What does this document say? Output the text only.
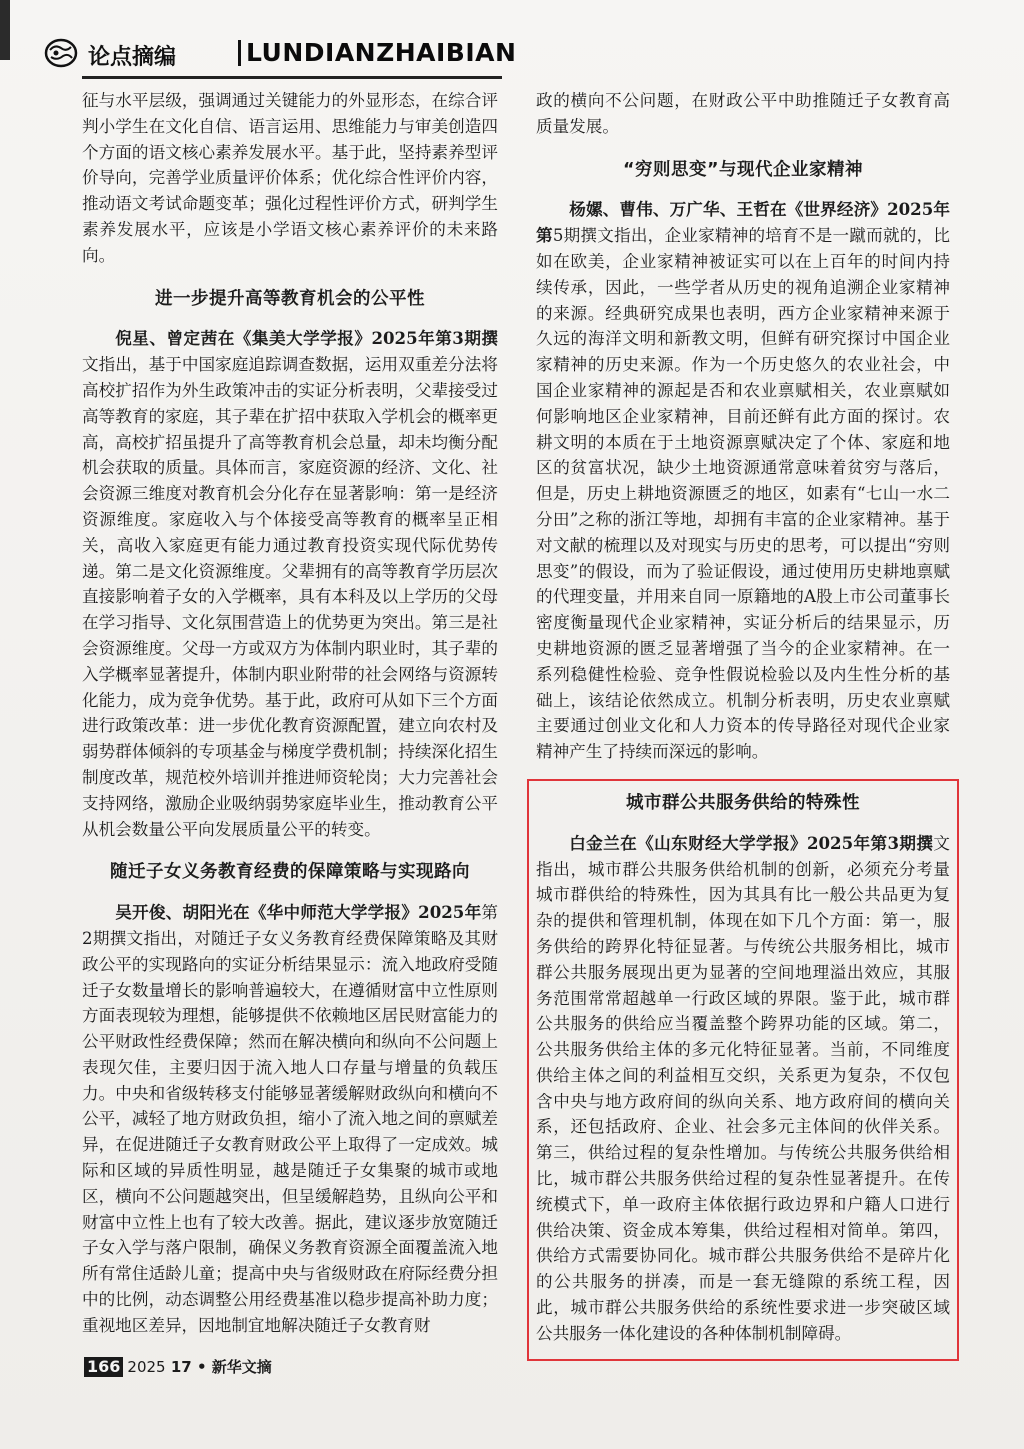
论点摘编	LUNDIANZHAIBIAN

征与水平层级，强调通过关键能力的外显形态，在综合评判小学生在文化自信、语言运用、思维能力与审美创造四个方面的语文核心素养发展水平。基于此，坚持素养型评价导向，完善学业质量评价体系；优化综合性评价内容，推动语文考试命题变革；强化过程性评价方式，研判学生素养发展水平，应该是小学语文核心素养评价的未来路向。

进一步提升高等教育机会的公平性

倪星、曾定茜在《集美大学学报》2025年第3期撰文指出，基于中国家庭追踪调查数据，运用双重差分法将高校扩招作为外生政策冲击的实证分析表明，父辈接受过高等教育的家庭，其子辈在扩招中获取入学机会的概率更高，高校扩招虽提升了高等教育机会总量，却未均衡分配机会获取的质量。具体而言，家庭资源的经济、文化、社会资源三维度对教育机会分化存在显著影响：第一是经济资源维度。家庭收入与个体接受高等教育的概率呈正相关，高收入家庭更有能力通过教育投资实现代际优势传递。第二是文化资源维度。父辈拥有的高等教育学历层次直接影响着子女的入学概率，具有本科及以上学历的父母在学习指导、文化氛围营造上的优势更为突出。第三是社会资源维度。父母一方或双方为体制内职业时，其子辈的入学概率显著提升，体制内职业附带的社会网络与资源转化能力，成为竞争优势。基于此，政府可从如下三个方面进行政策改革：进一步优化教育资源配置，建立向农村及弱势群体倾斜的专项基金与梯度学费机制；持续深化招生制度改革，规范校外培训并推进师资轮岗；大力完善社会支持网络，激励企业吸纳弱势家庭毕业生，推动教育公平从机会数量公平向发展质量公平的转变。

随迁子女义务教育经费的保障策略与实现路向

吴开俊、胡阳光在《华中师范大学学报》2025年第2期撰文指出，对随迁子女义务教育经费保障策略及其财政公平的实现路向的实证分析结果显示：流入地政府受随迁子女数量增长的影响普遍较大，在遵循财富中立性原则方面表现较为理想，能够提供不依赖地区居民财富能力的公平财政性经费保障；然而在解决横向和纵向不公问题上表现欠佳，主要归因于流入地人口存量与增量的负载压力。中央和省级转移支付能够显著缓解财政纵向和横向不公平，减轻了地方财政负担，缩小了流入地之间的禀赋差异，在促进随迁子女教育财政公平上取得了一定成效。城际和区域的异质性明显，越是随迁子女集聚的城市或地区，横向不公问题越突出，但呈缓解趋势，且纵向公平和财富中立性上也有了较大改善。据此，建议逐步放宽随迁子女入学与落户限制，确保义务教育资源全面覆盖流入地所有常住适龄儿童；提高中央与省级财政在府际经费分担中的比例，动态调整公用经费基准以稳步提高补助力度；重视地区差异，因地制宜地解决随迁子女教育财

政的横向不公问题，在财政公平中助推随迁子女教育高质量发展。

“穷则思变”与现代企业家精神

杨嫘、曹伟、万广华、王哲在《世界经济》2025年第5期撰文指出，企业家精神的培育不是一蹴而就的，比如在欧美，企业家精神被证实可以在上百年的时间内持续传承，因此，一些学者从历史的视角追溯企业家精神的来源。经典研究成果也表明，西方企业家精神来源于久远的海洋文明和新教文明，但鲜有研究探讨中国企业家精神的历史来源。作为一个历史悠久的农业社会，中国企业家精神的源起是否和农业禀赋相关，农业禀赋如何影响地区企业家精神，目前还鲜有此方面的探讨。农耕文明的本质在于土地资源禀赋决定了个体、家庭和地区的贫富状况，缺少土地资源通常意味着贫穷与落后，但是，历史上耕地资源匮乏的地区，如素有“七山一水二分田”之称的浙江等地，却拥有丰富的企业家精神。基于对文献的梳理以及对现实与历史的思考，可以提出“穷则思变”的假设，而为了验证假设，通过使用历史耕地禀赋的代理变量，并用来自同一原籍地的A股上市公司董事长密度衡量现代企业家精神，实证分析后的结果显示，历史耕地资源的匮乏显著增强了当今的企业家精神。在一系列稳健性检验、竞争性假说检验以及内生性分析的基础上，该结论依然成立。机制分析表明，历史农业禀赋主要通过创业文化和人力资本的传导路径对现代企业家精神产生了持续而深远的影响。

城市群公共服务供给的特殊性

白金兰在《山东财经大学学报》2025年第3期撰文指出，城市群公共服务供给机制的创新，必须充分考量城市群供给的特殊性，因为其具有比一般公共品更为复杂的提供和管理机制，体现在如下几个方面：第一，服务供给的跨界化特征显著。与传统公共服务相比，城市群公共服务展现出更为显著的空间地理溢出效应，其服务范围常常超越单一行政区域的界限。鉴于此，城市群公共服务的供给应当覆盖整个跨界功能的区域。第二，公共服务供给主体的多元化特征显著。当前，不同维度供给主体之间的利益相互交织，关系更为复杂，不仅包含中央与地方政府间的纵向关系、地方政府间的横向关系，还包括政府、企业、社会多元主体间的伙伴关系。第三，供给过程的复杂性增加。与传统公共服务供给相比，城市群公共服务供给过程的复杂性显著提升。在传统模式下，单一政府主体依据行政边界和户籍人口进行供给决策、资金成本筹集，供给过程相对简单。第四，供给方式需要协同化。城市群公共服务供给不是碎片化的公共服务的拼凑，而是一套无缝隙的系统工程，因此，城市群公共服务供给的系统性要求进一步突破区域公共服务一体化建设的各种体制机制障碍。

166 2025 17 • 新华文摘
